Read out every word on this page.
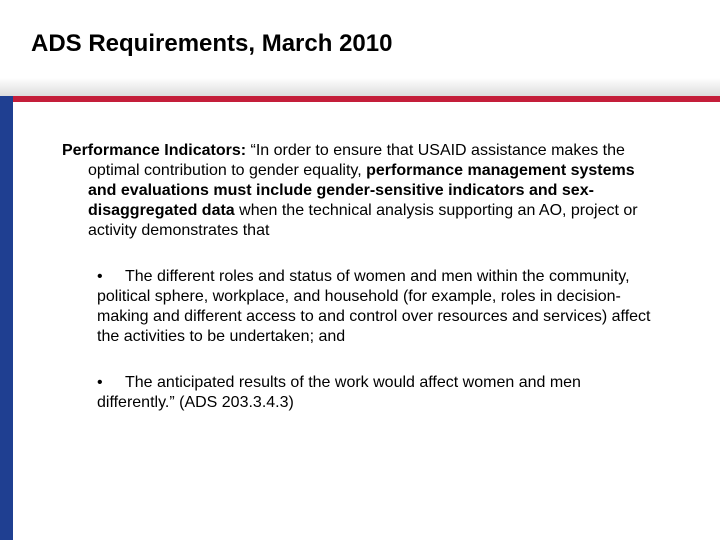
ADS Requirements, March 2010

Performance Indicators: “In order to ensure that USAID assistance makes the optimal contribution to gender equality, performance management systems and evaluations must include gender-sensitive indicators and sex-disaggregated data when the technical analysis supporting an AO, project or activity demonstrates that

• The different roles and status of women and men within the community, political sphere, workplace, and household (for example, roles in decision-making and different access to and control over resources and services) affect the activities to be undertaken; and

• The anticipated results of the work would affect women and men differently.” (ADS 203.3.4.3)
